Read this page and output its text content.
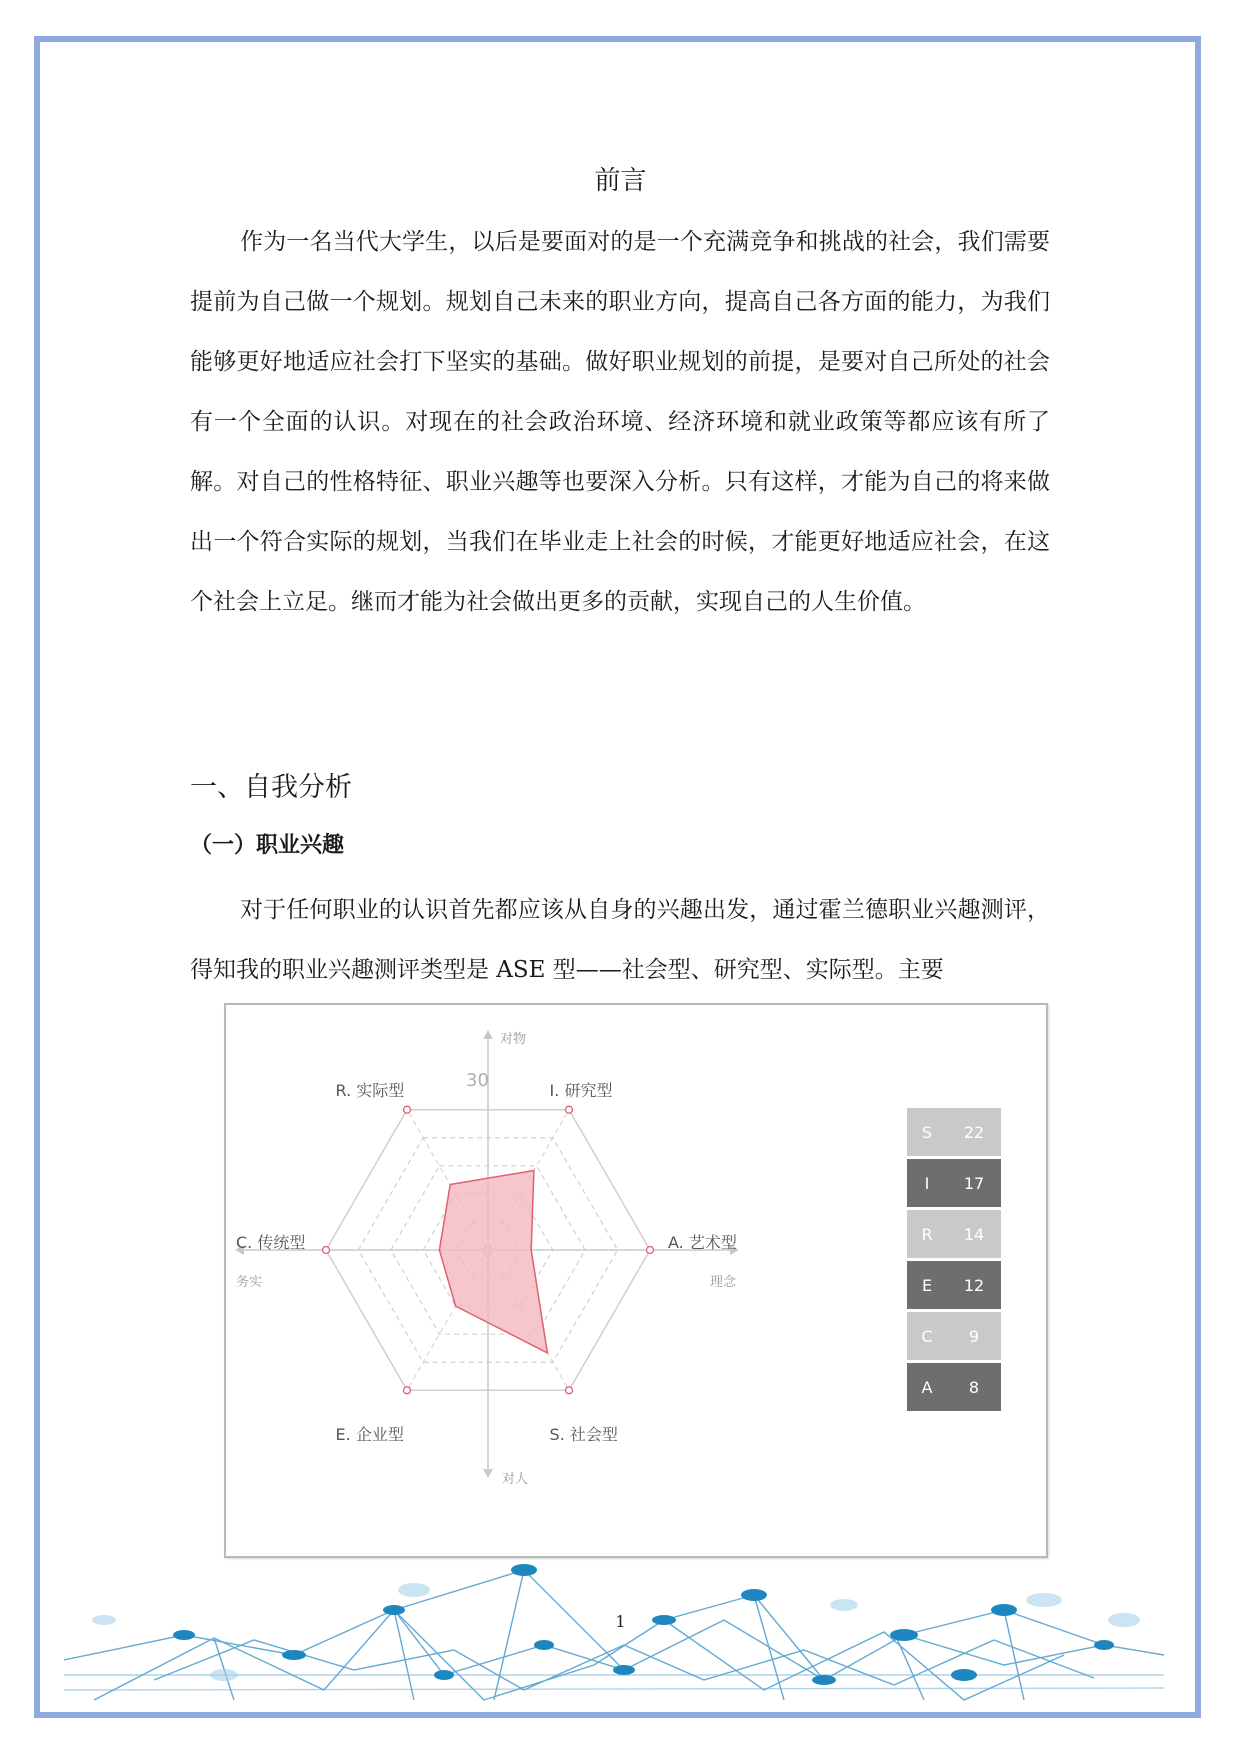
前言

作为一名当代大学生，以后是要面对的是一个充满竞争和挑战的社会，我们需要提前为自己做一个规划。规划自己未来的职业方向，提高自己各方面的能力，为我们能够更好地适应社会打下坚实的基础。做好职业规划的前提，是要对自己所处的社会有一个全面的认识。对现在的社会政治环境、经济环境和就业政策等都应该有所了解。对自己的性格特征、职业兴趣等也要深入分析。只有这样，才能为自己的将来做出一个符合实际的规划，当我们在毕业走上社会的时候，才能更好地适应社会，在这个社会上立足。继而才能为社会做出更多的贡献，实现自己的人生价值。

一、自我分析
（一）职业兴趣

对于任何职业的认识首先都应该从自身的兴趣出发，通过霍兰德职业兴趣测评，得知我的职业兴趣测评类型是 ASE 型——社会型、研究型、实际型。主要

30
R. 实际型	I. 研究型
A. 艺术型
S. 社会型
E. 企业型
C. 传统型
对物
对人
务实	理念
S	22
I	17
R	14
E	12
C	9
A	8
1
